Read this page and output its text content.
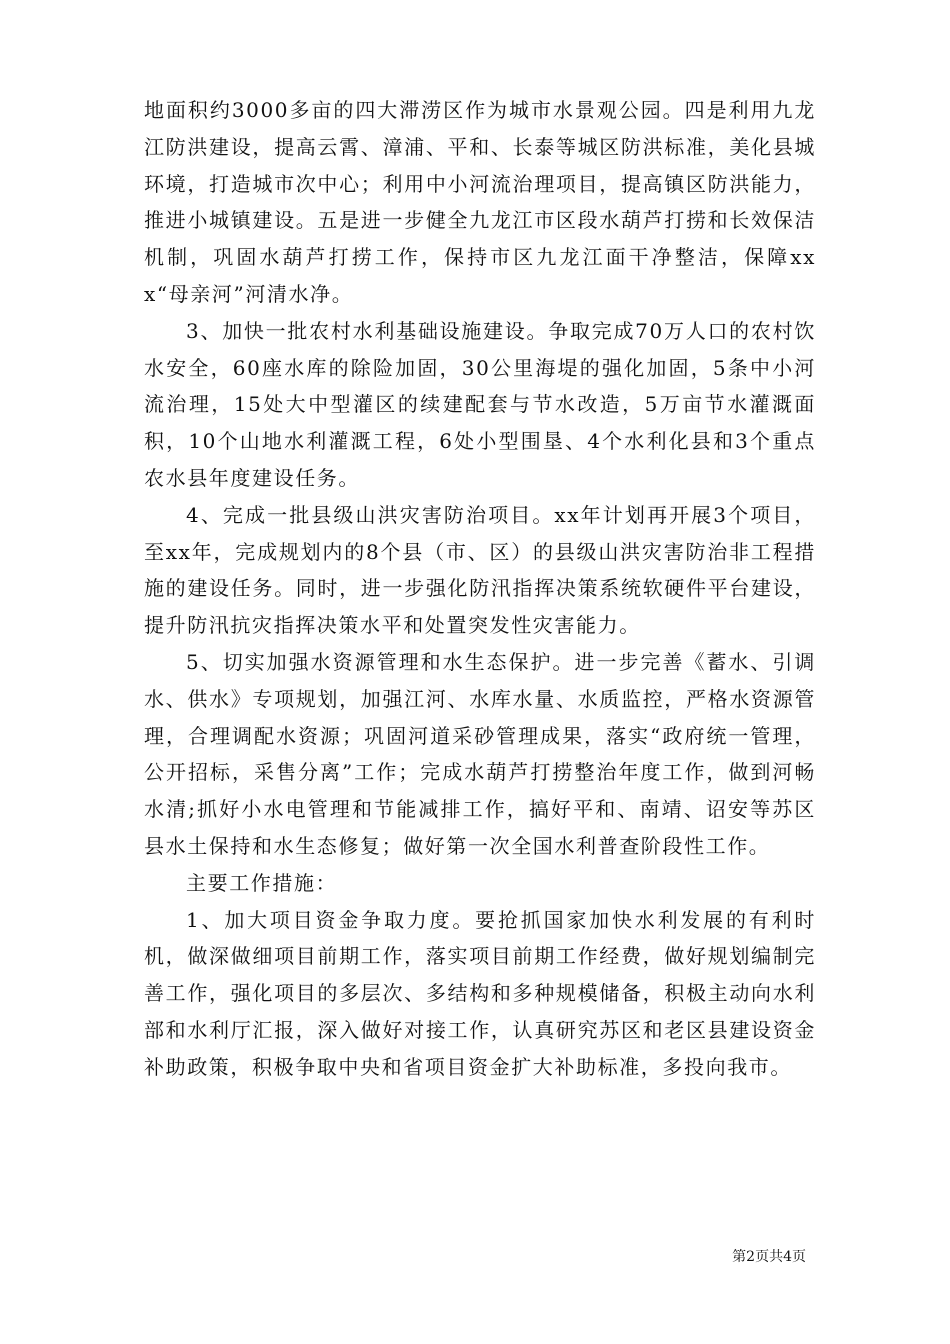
地面积约3000多亩的四大滞涝区作为城市水景观公园。四是利用九龙江防洪建设，提高云霄、漳浦、平和、长泰等城区防洪标准，美化县城环境，打造城市次中心；利用中小河流治理项目，提高镇区防洪能力，推进小城镇建设。五是进一步健全九龙江市区段水葫芦打捞和长效保洁机制，巩固水葫芦打捞工作，保持市区九龙江面干净整洁，保障xxx“母亲河”河清水净。

3、加快一批农村水利基础设施建设。争取完成70万人口的农村饮水安全，60座水库的除险加固，30公里海堤的强化加固，5条中小河流治理，15处大中型灌区的续建配套与节水改造，5万亩节水灌溉面积，10个山地水利灌溉工程，6处小型围垦、4个水利化县和3个重点农水县年度建设任务。

4、完成一批县级山洪灾害防治项目。xx年计划再开展3个项目，至xx年，完成规划内的8个县（市、区）的县级山洪灾害防治非工程措施的建设任务。同时，进一步强化防汛指挥决策系统软硬件平台建设，提升防汛抗灾指挥决策水平和处置突发性灾害能力。

5、切实加强水资源管理和水生态保护。进一步完善《蓄水、引调水、供水》专项规划，加强江河、水库水量、水质监控，严格水资源管理，合理调配水资源；巩固河道采砂管理成果，落实“政府统一管理，公开招标，采售分离”工作；完成水葫芦打捞整治年度工作，做到河畅水清;抓好小水电管理和节能减排工作，搞好平和、南靖、诏安等苏区县水土保持和水生态修复；做好第一次全国水利普查阶段性工作。

主要工作措施：

1、加大项目资金争取力度。要抢抓国家加快水利发展的有利时机，做深做细项目前期工作，落实项目前期工作经费，做好规划编制完善工作，强化项目的多层次、多结构和多种规模储备，积极主动向水利部和水利厅汇报，深入做好对接工作，认真研究苏区和老区县建设资金补助政策，积极争取中央和省项目资金扩大补助标准，多投向我市。

第2页共4页
